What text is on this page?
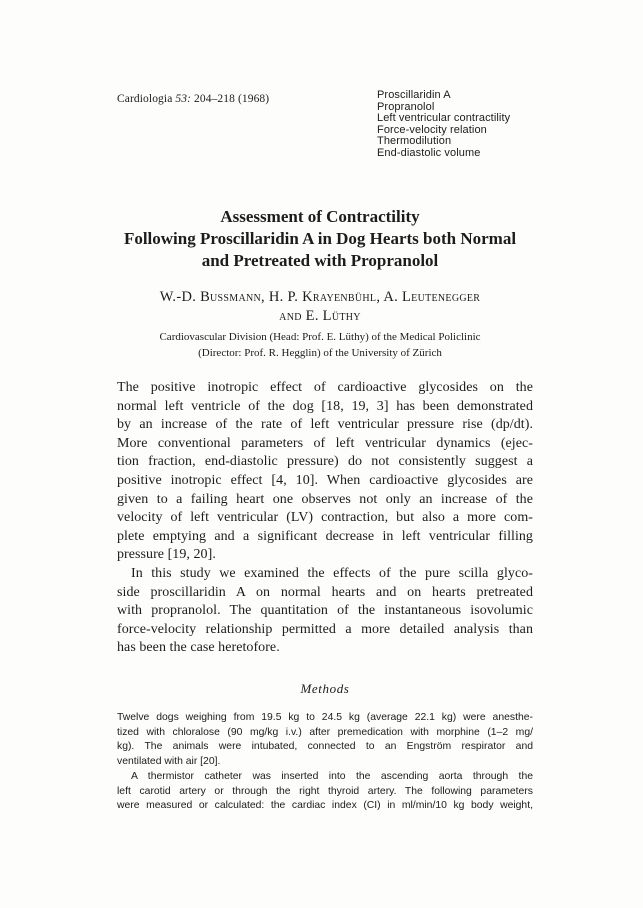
Cardiologia 53: 204–218 (1968)	Proscillaridin A
Propranolol
Left ventricular contractility
Force-velocity relation
Thermodilution
End-diastolic volume
Assessment of Contractility
Following Proscillaridin A in Dog Hearts both Normal
and Pretreated with Propranolol
W.-D. Bussmann, H. P. Krayenbühl, A. Leutenegger
and E. Lüthy
Cardiovascular Division (Head: Prof. E. Lüthy) of the Medical Policlinic
(Director: Prof. R. Hegglin) of the University of Zürich
The positive inotropic effect of cardioactive glycosides on the
normal left ventricle of the dog [18, 19, 3] has been demonstrated
by an increase of the rate of left ventricular pressure rise (dp/dt).
More conventional parameters of left ventricular dynamics (ejec-
tion fraction, end-diastolic pressure) do not consistently suggest a
positive inotropic effect [4, 10]. When cardioactive glycosides are
given to a failing heart one observes not only an increase of the
velocity of left ventricular (LV) contraction, but also a more com-
plete emptying and a significant decrease in left ventricular filling
pressure [19, 20].
In this study we examined the effects of the pure scilla glyco-
side proscillaridin A on normal hearts and on hearts pretreated
with propranolol. The quantitation of the instantaneous isovolumic
force-velocity relationship permitted a more detailed analysis than
has been the case heretofore.
Methods
Twelve dogs weighing from 19.5 kg to 24.5 kg (average 22.1 kg) were anesthe-
tized with chloralose (90 mg/kg i.v.) after premedication with morphine (1–2 mg/
kg). The animals were intubated, connected to an Engström respirator and
ventilated with air [20].
A thermistor catheter was inserted into the ascending aorta through the
left carotid artery or through the right thyroid artery. The following parameters
were measured or calculated: the cardiac index (CI) in ml/min/10 kg body weight,
